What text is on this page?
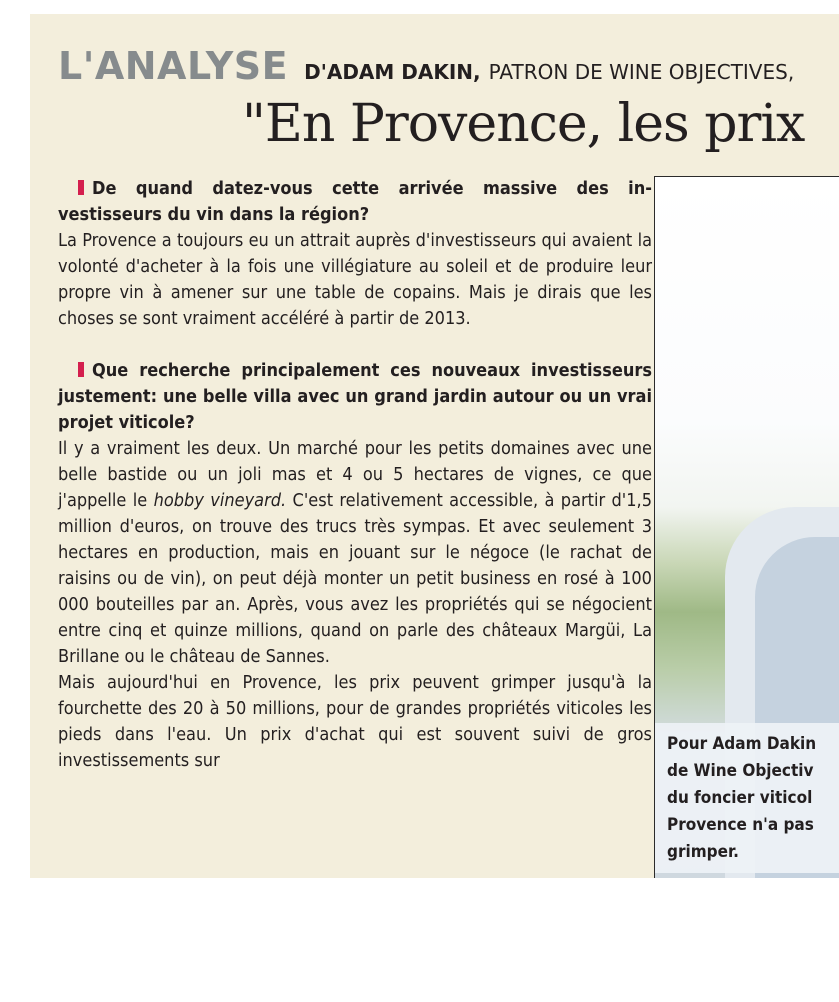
L'ANALYSE D'ADAM DAKIN, PATRON DE WINE OBJECTIVES,
"En Provence, les prix

De quand datez-vous cette arrivée massive des investisseurs du vin dans la région?

La Provence a toujours eu un attrait auprès d'investisseurs qui avaient la volonté d'acheter à la fois une villégiature au soleil et de produire leur propre vin à amener sur une table de copains. Mais je dirais que les choses se sont vraiment accéléré à partir de 2013.

Que recherche principalement ces nouveaux investisseurs justement: une belle villa avec un grand jardin autour ou un vrai projet viticole?

Il y a vraiment les deux. Un marché pour les petits domaines avec une belle bastide ou un joli mas et 4 ou 5 hectares de vignes, ce que j'appelle le hobby vineyard. C'est relativement accessible, à partir d'1,5 million d'euros, on trouve des trucs très sympas. Et avec seulement 3 hectares en production, mais en jouant sur le négoce (le rachat de raisins ou de vin), on peut déjà monter un petit business en rosé à 100 000 bouteilles par an. Après, vous avez les propriétés qui se négocient entre cinq et quinze millions, quand on parle des châteaux Margüi, La Brillane ou le château de Sannes.

Mais aujourd'hui en Provence, les prix peuvent grimper jusqu'à la fourchette des 20 à 50 millions, pour de grandes propriétés viticoles les pieds dans l'eau. Un prix d'achat qui est souvent suivi de gros investissements sur

Pour Adam Dakin
de Wine Objectiv
du foncier viticol
Provence n'a pas
grimper.
